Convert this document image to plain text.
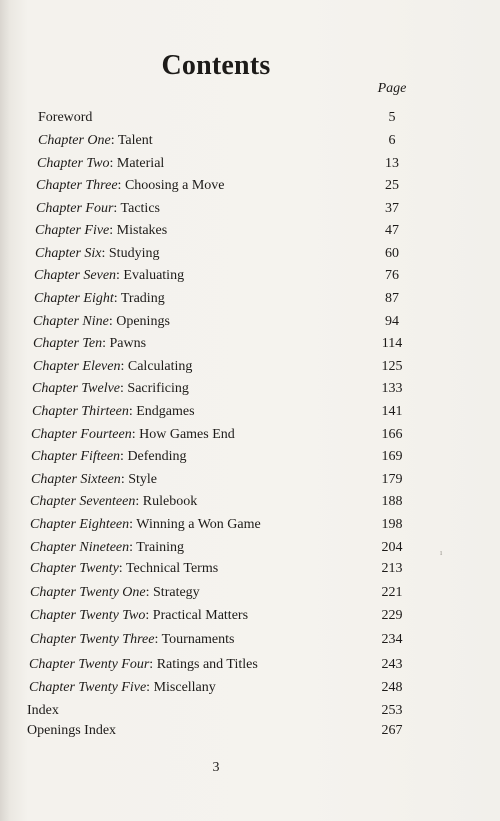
Contents
Page
Foreword	5
Chapter One: Talent	6
Chapter Two: Material	13
Chapter Three: Choosing a Move	25
Chapter Four: Tactics	37
Chapter Five: Mistakes	47
Chapter Six: Studying	60
Chapter Seven: Evaluating	76
Chapter Eight: Trading	87
Chapter Nine: Openings	94
Chapter Ten: Pawns	114
Chapter Eleven: Calculating	125
Chapter Twelve: Sacrificing	133
Chapter Thirteen: Endgames	141
Chapter Fourteen: How Games End	166
Chapter Fifteen: Defending	169
Chapter Sixteen: Style	179
Chapter Seventeen: Rulebook	188
Chapter Eighteen: Winning a Won Game	198
Chapter Nineteen: Training	204
Chapter Twenty: Technical Terms	213
Chapter Twenty One: Strategy	221
Chapter Twenty Two: Practical Matters	229
Chapter Twenty Three: Tournaments	234
Chapter Twenty Four: Ratings and Titles	243
Chapter Twenty Five: Miscellany	248
Index	253
Openings Index	267
3
ı
